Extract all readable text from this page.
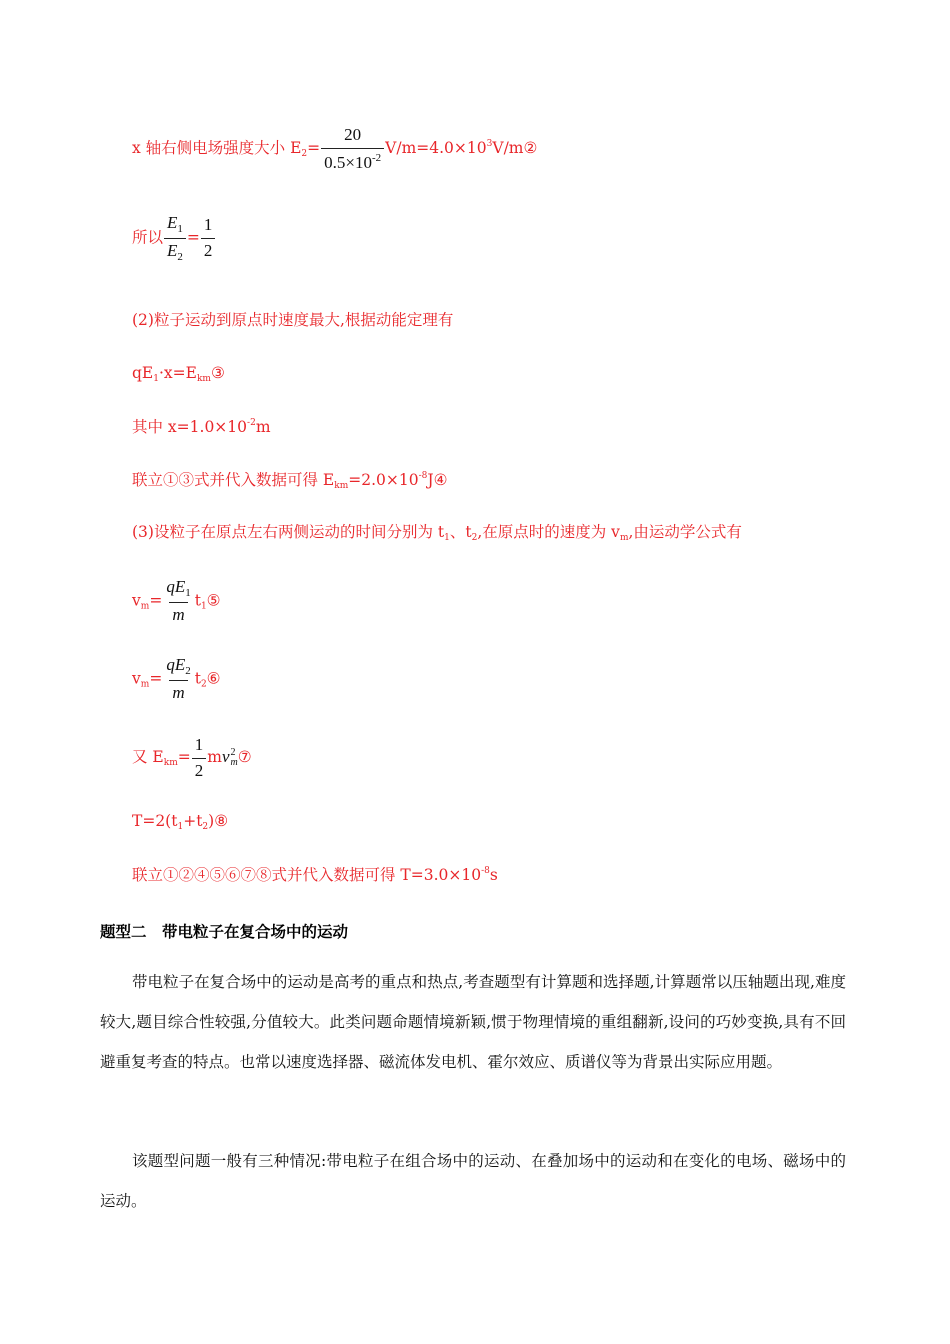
x 轴右侧电场强度大小 $E_2= \frac{20}{0.5\times 10^{-2}}$ $V/m=4.0\times 10^3V/m②$
所以 $\frac{E_1}{E_2} = \frac{1}{2}$
(2)粒子运动到原点时速度最大,根据动能定理有
$qE_1\cdot x=E_{km}③$
其中 $x=1.0\times 10^{-2}m$
联立①③式并代入数据可得 $E_{km}=2.0\times 10^{-8}J④$
(3)设粒子在原点左右两侧运动的时间分别为 $t_1$、$t_2$,在原点时的速度为 $v_m$,由运动学公式有
$v_m= \frac{qE_1}{m}$ $t_1⑤$
$v_m= \frac{qE_2}{m}$ $t_2⑥$
又 $E_{km}= \frac{1}{2}$ mv 2
m ⑦
$T=2(t_1+t_2)⑧$
联立①②④⑤⑥⑦⑧式并代入数据可得 $T=3.0\times 10^{-8}s$
题型二　带电粒子在复合场中的运动
带电粒子在复合场中的运动是高考的重点和热点,考查题型有计算题和选择题,计算题常以压轴题出现,难度较大,题目综合性较强,分值较大。此类问题命题情境新颖,惯于物理情境的重组翻新,设问的巧妙变换,具有不回避重复考查的特点。也常以速度选择器、磁流体发电机、霍尔效应、质谱仪等为背景出实际应用题。
该题型问题一般有三种情况:带电粒子在组合场中的运动、在叠加场中的运动和在变化的电场、磁场中的运动。
